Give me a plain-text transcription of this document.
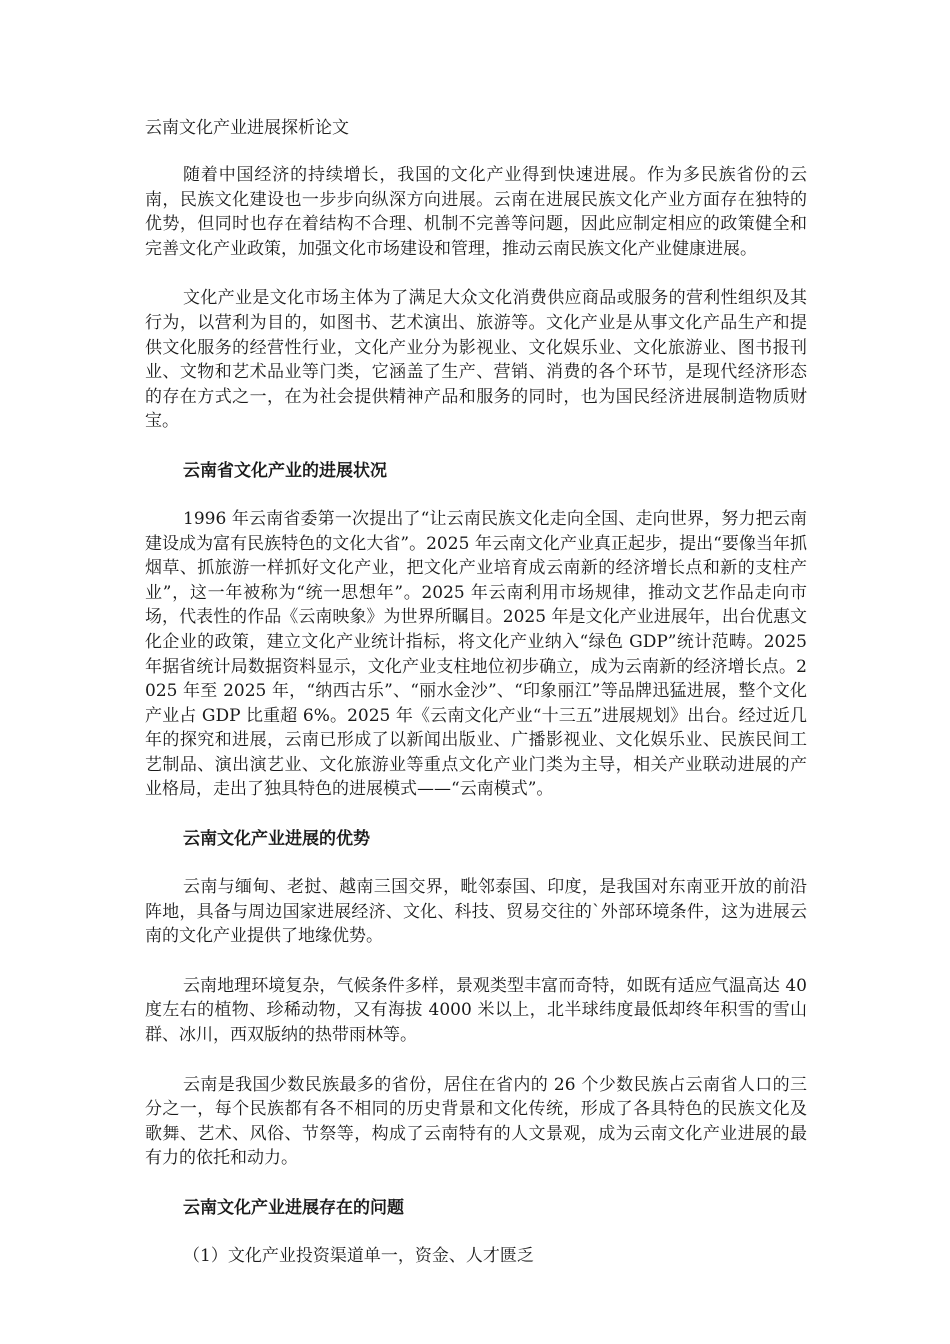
云南文化产业进展探析论文

随着中国经济的持续增长，我国的文化产业得到快速进展。作为多民族省份的云南，民族文化建设也一步步向纵深方向进展。云南在进展民族文化产业方面存在独特的优势，但同时也存在着结构不合理、机制不完善等问题，因此应制定相应的政策健全和完善文化产业政策，加强文化市场建设和管理，推动云南民族文化产业健康进展。

文化产业是文化市场主体为了满足大众文化消费供应商品或服务的营利性组织及其行为，以营利为目的，如图书、艺术演出、旅游等。文化产业是从事文化产品生产和提供文化服务的经营性行业，文化产业分为影视业、文化娱乐业、文化旅游业、图书报刊业、文物和艺术品业等门类，它涵盖了生产、营销、消费的各个环节，是现代经济形态的存在方式之一，在为社会提供精神产品和服务的同时，也为国民经济进展制造物质财宝。

云南省文化产业的进展状况

1996 年云南省委第一次提出了“让云南民族文化走向全国、走向世界，努力把云南建设成为富有民族特色的文化大省”。2025 年云南文化产业真正起步，提出“要像当年抓烟草、抓旅游一样抓好文化产业，把文化产业培育成云南新的经济增长点和新的支柱产业”，这一年被称为“统一思想年”。2025 年云南利用市场规律，推动文艺作品走向市场，代表性的作品《云南映象》为世界所瞩目。2025 年是文化产业进展年，出台优惠文化企业的政策，建立文化产业统计指标，将文化产业纳入“绿色 GDP”统计范畴。2025 年据省统计局数据资料显示，文化产业支柱地位初步确立，成为云南新的经济增长点。2025 年至 2025 年，“纳西古乐”、“丽水金沙”、“印象丽江”等品牌迅猛进展，整个文化产业占 GDP 比重超 6%。2025 年《云南文化产业“十三五”进展规划》出台。经过近几年的探究和进展，云南已形成了以新闻出版业、广播影视业、文化娱乐业、民族民间工艺制品、演出演艺业、文化旅游业等重点文化产业门类为主导，相关产业联动进展的产业格局，走出了独具特色的进展模式——“云南模式”。

云南文化产业进展的优势

云南与缅甸、老挝、越南三国交界，毗邻泰国、印度，是我国对东南亚开放的前沿阵地，具备与周边国家进展经济、文化、科技、贸易交往的`外部环境条件，这为进展云南的文化产业提供了地缘优势。

云南地理环境复杂，气候条件多样，景观类型丰富而奇特，如既有适应气温高达 40 度左右的植物、珍稀动物，又有海拔 4000 米以上，北半球纬度最低却终年积雪的雪山群、冰川，西双版纳的热带雨林等。

云南是我国少数民族最多的省份，居住在省内的 26 个少数民族占云南省人口的三分之一，每个民族都有各不相同的历史背景和文化传统，形成了各具特色的民族文化及歌舞、艺术、风俗、节祭等，构成了云南特有的人文景观，成为云南文化产业进展的最有力的依托和动力。

云南文化产业进展存在的问题
（1）文化产业投资渠道单一，资金、人才匮乏
